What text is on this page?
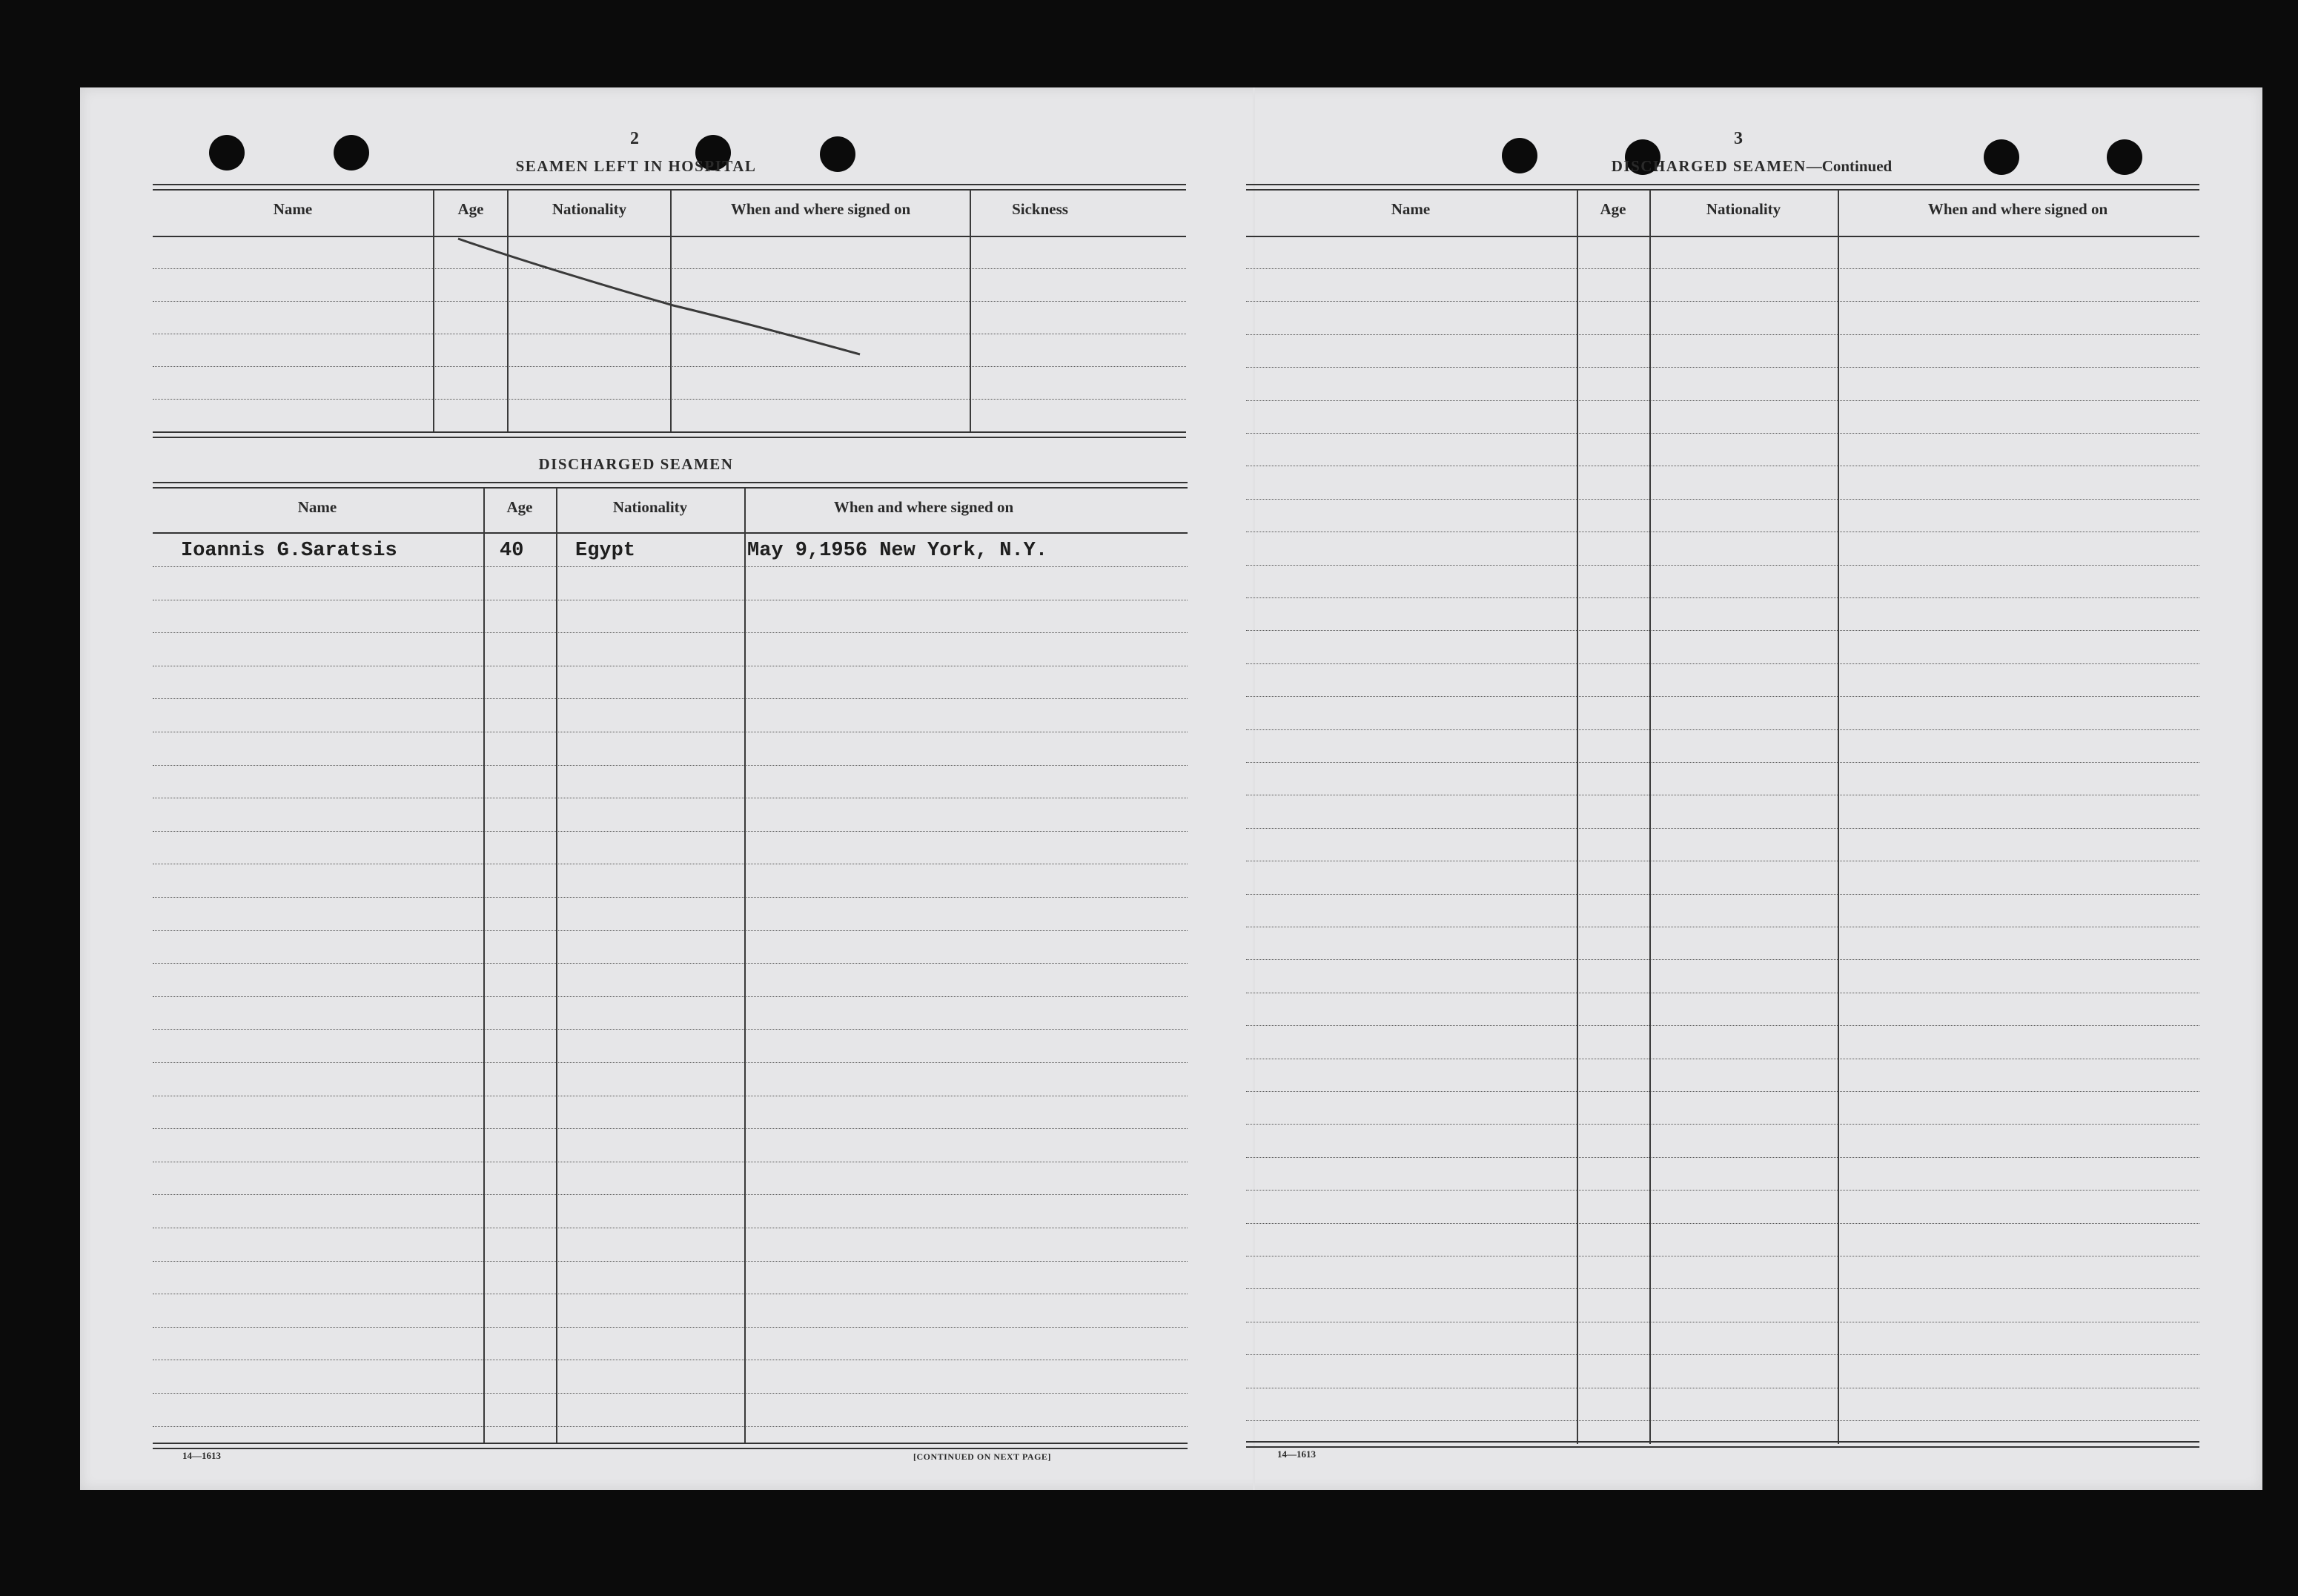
2
SEAMEN LEFT IN HOSPITAL
Name	Age	Nationality	When and where signed on	Sickness
DISCHARGED SEAMEN
Name	Age	Nationality	When and where signed on
Ioannis G.Saratsis	40	Egypt	May 9,1956 New York, N.Y.
14—1613	[CONTINUED ON NEXT PAGE]
3
DISCHARGED SEAMEN—Continued
Name	Age	Nationality	When and where signed on
14—1613
